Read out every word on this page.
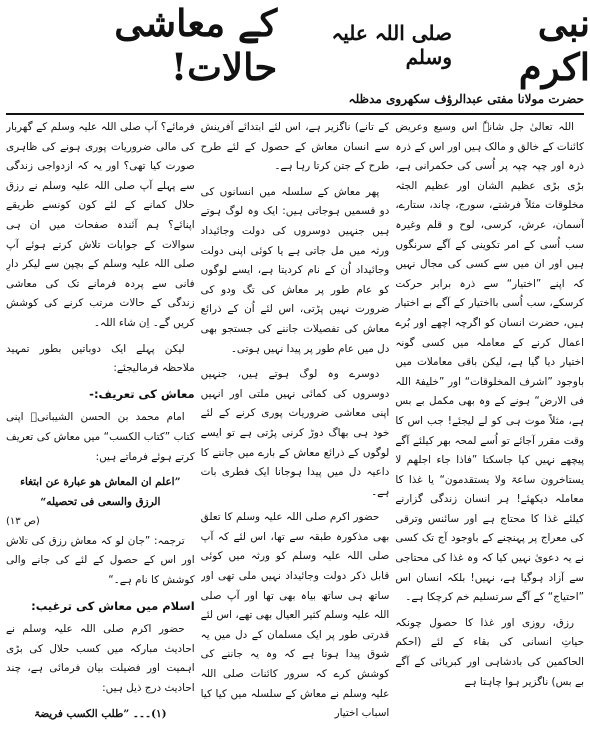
نبی اکرم
صلی اللہ علیہ وسلم
کے معاشی حالات!
حضرت مولانا مفتی عبدالرؤف سکھروی مدظلہ

اللہ تعالیٰ جل شانہٗ اس وسیع وعریض کائنات کے خالق و مالک ہیں اور اس کے ذرہ ذرہ اور چپہ چپہ پر اُسی کی حکمرانی ہے، بڑی بڑی عظیم الشان اور عظیم الجثہ مخلوقات مثلاً فرشتے، سورج، چاند، ستارے، آسمان، عرش، کرسی، لوح و قلم وغیرہ سب اُسی کے امر تکوینی کے آگے سرنگوں ہیں اور ان میں سے کسی کی مجال نہیں کہ اپنے ”اختیار“ سے ذرہ برابر حرکت کرسکے، سب اُسی بااختیار کے آگے بے اختیار ہیں، حضرت انسان کو اگرچہ اچھے اور بُرے اعمال کرنے کے معاملہ میں کسی گونہ اختیار دیا گیا ہے، لیکن باقی معاملات میں باوجود ”اشرف المخلوقات“ اور ”خلیفۃ اللہ فی الارض“ ہونے کے وہ بھی مکمل بے بس ہے، مثلاً موت ہی کو لے لیجئے! جب اس کا وقت مقرر آجائے تو اُسے لمحہ بھر کیلئے آگے پیچھے نہیں کیا جاسکتا ”فاذا جاء اجلھم لا یستاخرون ساعۃ ولا یستقدمون“ یا غذا کا معاملہ دیکھئے! ہر انسان زندگی گزارنے کیلئے غذا کا محتاج ہے اور سائنس وترقی کی معراج پر پہنچنے کے باوجود آج تک کسی نے یہ دعویٰ نہیں کیا کہ وہ غذا کی محتاجی سے آزاد ہوگیا ہے، نہیں! بلکہ انسان اس ”احتیاج“ کے آگے سرتسلیم خم کرچکا ہے۔

رزق، روزی اور غذا کا حصول چونکہ حیاتِ انسانی کی بقاء کے لئے (احکم الحاکمین کی بادشاہی اور کبریائی کے آگے بے بس) ناگزیر ہوا چاہتا ہے

کے تانے) ناگزیر ہے، اس لئے ابتدائے آفرینش سے انسان معاش کے حصول کے لئے طرح طرح کے جتن کرتا رہا ہے۔

پھر معاش کے سلسلہ میں انسانوں کی دو قسمیں ہوجاتی ہیں: ایک وہ لوگ ہوتے ہیں جنہیں دوسروں کی دولت وجائیداد ورثہ میں مل جاتی ہے یا کوئی اپنی دولت وجائیداد اُن کے نام کردیتا ہے، ایسے لوگوں کو عام طور پر معاش کی تگ ودو کی ضرورت نہیں پڑتی، اس لئے اُن کے ذرائع معاش کی تفصیلات جاننے کی جستجو بھی دل میں عام طور پر پیدا نہیں ہوتی۔

دوسرے وہ لوگ ہوتے ہیں، جنہیں دوسروں کی کمائی نہیں ملتی اور انہیں اپنی معاشی ضروریات پوری کرنے کے لئے خود ہی بھاگ دوڑ کرنی پڑتی ہے تو ایسے لوگوں کے ذرائع معاش کے بارے میں جاننے کا داعیہ دل میں پیدا ہوجانا ایک فطری بات ہے۔

حضور اکرم صلی اللہ علیہ وسلم کا تعلق بھی مذکورہ طبقہ سے تھا، اس لئے کہ آپ صلی اللہ علیہ وسلم کو ورثہ میں کوئی قابل ذکر دولت وجائیداد نہیں ملی تھی اور ساتھ ہی ساتھ بیاہ بھی تھا اور آپ صلی اللہ علیہ وسلم کثیر العیال بھی تھے، اس لئے قدرتی طور پر ایک مسلمان کے دل میں یہ شوق پیدا ہوتا ہے کہ وہ یہ جاننے کی کوشش کرے کہ سرور کائنات صلی اللہ علیہ وسلم نے معاش کے سلسلہ میں کیا کیا اسباب اختیار

فرمائے؟ آپ صلی اللہ علیہ وسلم کے گھربار کی مالی ضروریات پوری ہونے کی ظاہری صورت کیا تھی؟ اور یہ کہ ازدواجی زندگی سے پہلے آپ صلی اللہ علیہ وسلم نے رزق حلال کمانے کے لئے کون کونسے طریقے اپنائے؟ ہم آئندہ صفحات میں ان ہی سوالات کے جوابات تلاش کرتے ہوئے آپ صلی اللہ علیہ وسلم کے بچپن سے لیکر دارِ فانی سے پردہ فرمانے تک کی معاشی زندگی کے حالات مرتب کرنے کی کوشش کریں گے۔ اِن شاء اللہ۔

لیکن پہلے ایک دوباتیں بطور تمہید ملاحظہ فرمالیجئے:

معاش کی تعریف:-

امام محمد بن الحسن الشیبانیؒ اپنی کتاب ”کتاب الکسب“ میں معاش کی تعریف کرتے ہوئے فرماتے ہیں:

”اعلم ان المعاش هو عبارة عن ابتغاء الرزق والسعی فی تحصیله“
(ص ۱۳)

ترجمہ: ”جان لو کہ معاش رزق کی تلاش اور اس کے حصول کے لئے کی جانے والی کوشش کا نام ہے۔“

اسلام میں معاش کی ترغیب:

حضور اکرم صلی اللہ علیہ وسلم نے احادیث مبارکہ میں کسب حلال کی بڑی اہمیت اور فضیلت بیان فرمائی ہے، چند احادیث درج ذیل ہیں:

(۱)۔۔۔ ”طلب الکسب فریضۃ
